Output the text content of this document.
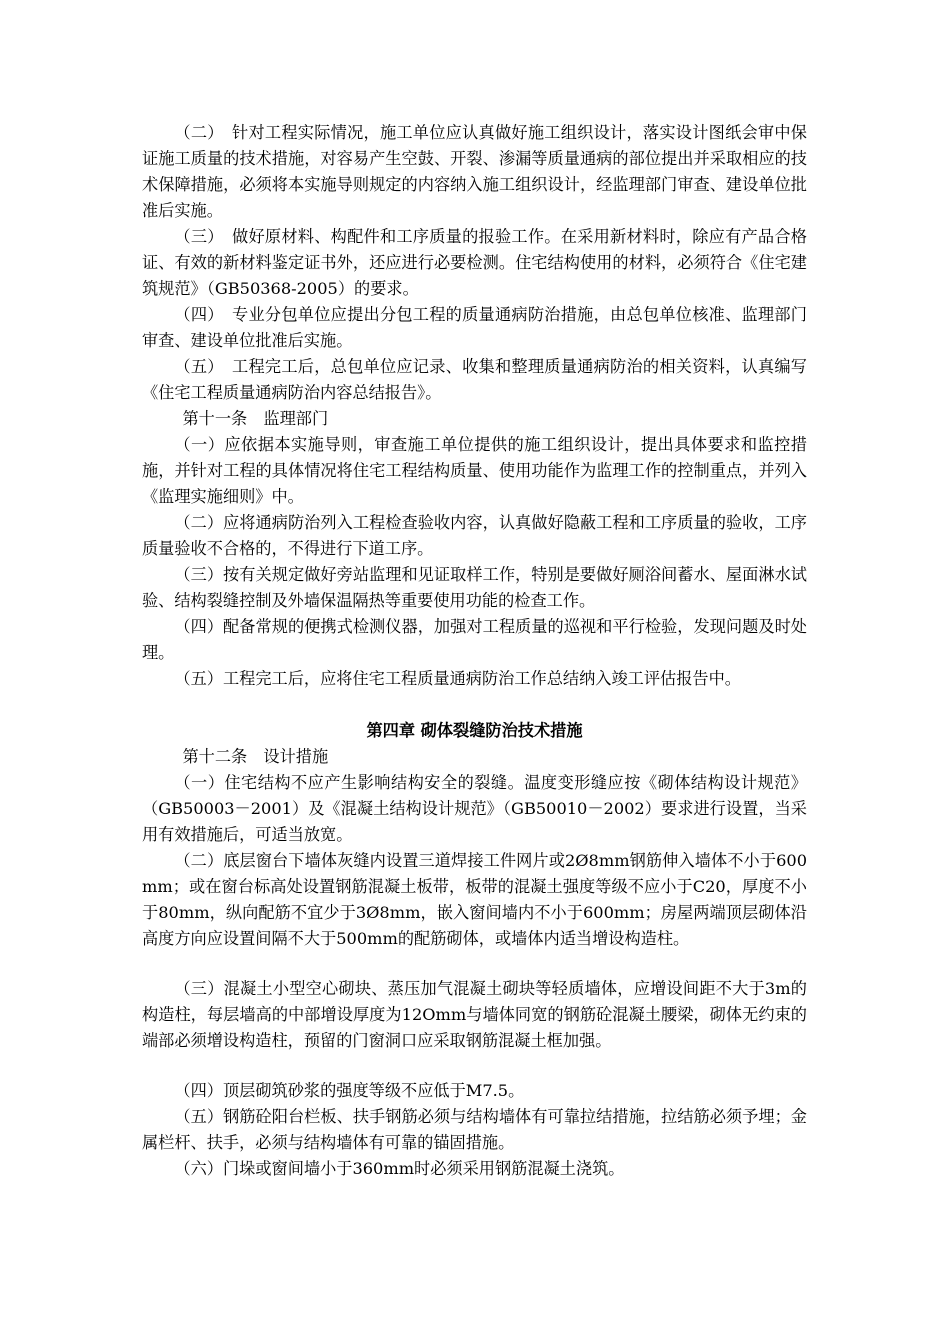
（二）　针对工程实际情况，施工单位应认真做好施工组织设计，落实设计图纸会审中保证施工质量的技术措施，对容易产生空鼓、开裂、渗漏等质量通病的部位提出并采取相应的技术保障措施，必须将本实施导则规定的内容纳入施工组织设计，经监理部门审查、建设单位批准后实施。

（三）　做好原材料、构配件和工序质量的报验工作。在采用新材料时，除应有产品合格证、有效的新材料鉴定证书外，还应进行必要检测。住宅结构使用的材料，必须符合《住宅建筑规范》（GB50368-2005）的要求。

（四）　专业分包单位应提出分包工程的质量通病防治措施，由总包单位核准、监理部门审查、建设单位批准后实施。

（五）　工程完工后，总包单位应记录、收集和整理质量通病防治的相关资料，认真编写《住宅工程质量通病防治内容总结报告》。

第十一条　监理部门

（一）应依据本实施导则，审查施工单位提供的施工组织设计，提出具体要求和监控措施，并针对工程的具体情况将住宅工程结构质量、使用功能作为监理工作的控制重点，并列入《监理实施细则》中。

（二）应将通病防治列入工程检查验收内容，认真做好隐蔽工程和工序质量的验收，工序质量验收不合格的，不得进行下道工序。

（三）按有关规定做好旁站监理和见证取样工作，特别是要做好厕浴间蓄水、屋面淋水试验、结构裂缝控制及外墙保温隔热等重要使用功能的检查工作。

（四）配备常规的便携式检测仪器，加强对工程质量的巡视和平行检验，发现问题及时处理。

（五）工程完工后，应将住宅工程质量通病防治工作总结纳入竣工评估报告中。

第四章 砌体裂缝防治技术措施

第十二条　设计措施

（一）住宅结构不应产生影响结构安全的裂缝。温度变形缝应按《砌体结构设计规范》（GB50003－2001）及《混凝土结构设计规范》（GB50010－2002）要求进行设置，当采用有效措施后，可适当放宽。

（二）底层窗台下墙体灰缝内设置三道焊接工件网片或2Ø8mm钢筋伸入墙体不小于600mm；或在窗台标高处设置钢筋混凝土板带，板带的混凝土强度等级不应小于C20，厚度不小于80mm，纵向配筋不宜少于3Ø8mm，嵌入窗间墙内不小于600mm；房屋两端顶层砌体沿高度方向应设置间隔不大于500mm的配筋砌体，或墙体内适当增设构造柱。

（三）混凝土小型空心砌块、蒸压加气混凝土砌块等轻质墙体，应增设间距不大于3m的构造柱，每层墙高的中部增设厚度为12Omm与墙体同宽的钢筋砼混凝土腰梁，砌体无约束的端部必须增设构造柱，预留的门窗洞口应采取钢筋混凝土框加强。

（四）顶层砌筑砂浆的强度等级不应低于M7.5。

（五）钢筋砼阳台栏板、扶手钢筋必须与结构墙体有可靠拉结措施，拉结筋必须予埋；金属栏杆、扶手，必须与结构墙体有可靠的锚固措施。

（六）门垛或窗间墙小于360mm时必须采用钢筋混凝土浇筑。
